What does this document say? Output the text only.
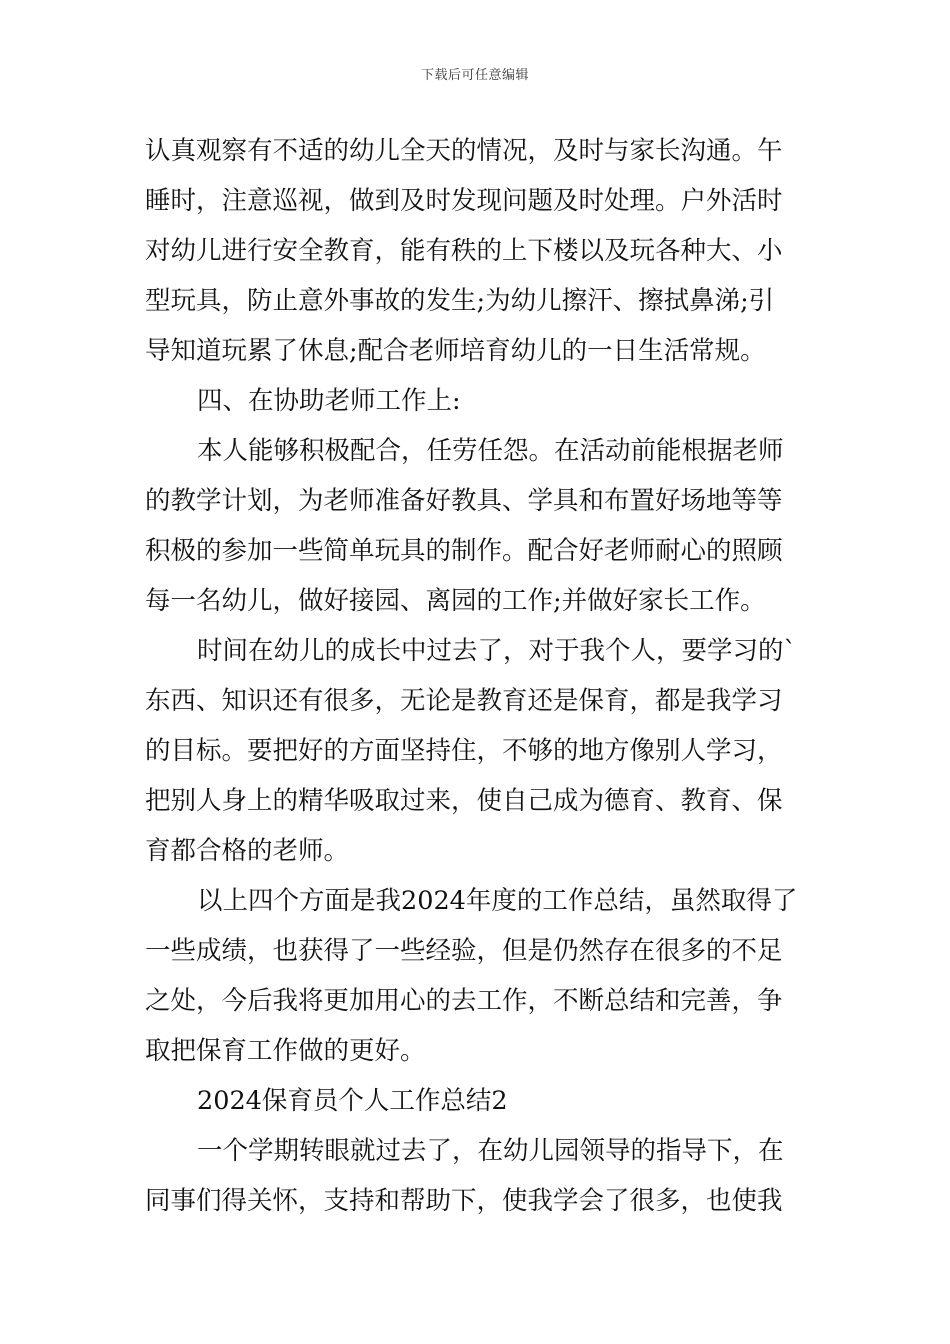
下载后可任意编辑
认真观察有不适的幼儿全天的情况，及时与家长沟通。午
睡时，注意巡视，做到及时发现问题及时处理。户外活时
对幼儿进行安全教育，能有秩的上下楼以及玩各种大、小
型玩具，防止意外事故的发生;为幼儿擦汗、擦拭鼻涕;引
导知道玩累了休息;配合老师培育幼儿的一日生活常规。
四、在协助老师工作上:
本人能够积极配合，任劳任怨。在活动前能根据老师
的教学计划，为老师准备好教具、学具和布置好场地等等
积极的参加一些简单玩具的制作。配合好老师耐心的照顾
每一名幼儿，做好接园、离园的工作;并做好家长工作。
时间在幼儿的成长中过去了，对于我个人，要学习的`
东西、知识还有很多，无论是教育还是保育，都是我学习
的目标。要把好的方面坚持住，不够的地方像别人学习，
把别人身上的精华吸取过来，使自己成为德育、教育、保
育都合格的老师。
以上四个方面是我2024年度的工作总结，虽然取得了
一些成绩，也获得了一些经验，但是仍然存在很多的不足
之处，今后我将更加用心的去工作，不断总结和完善，争
取把保育工作做的更好。
2024保育员个人工作总结2
一个学期转眼就过去了，在幼儿园领导的指导下，在
同事们得关怀，支持和帮助下，使我学会了很多，也使我
